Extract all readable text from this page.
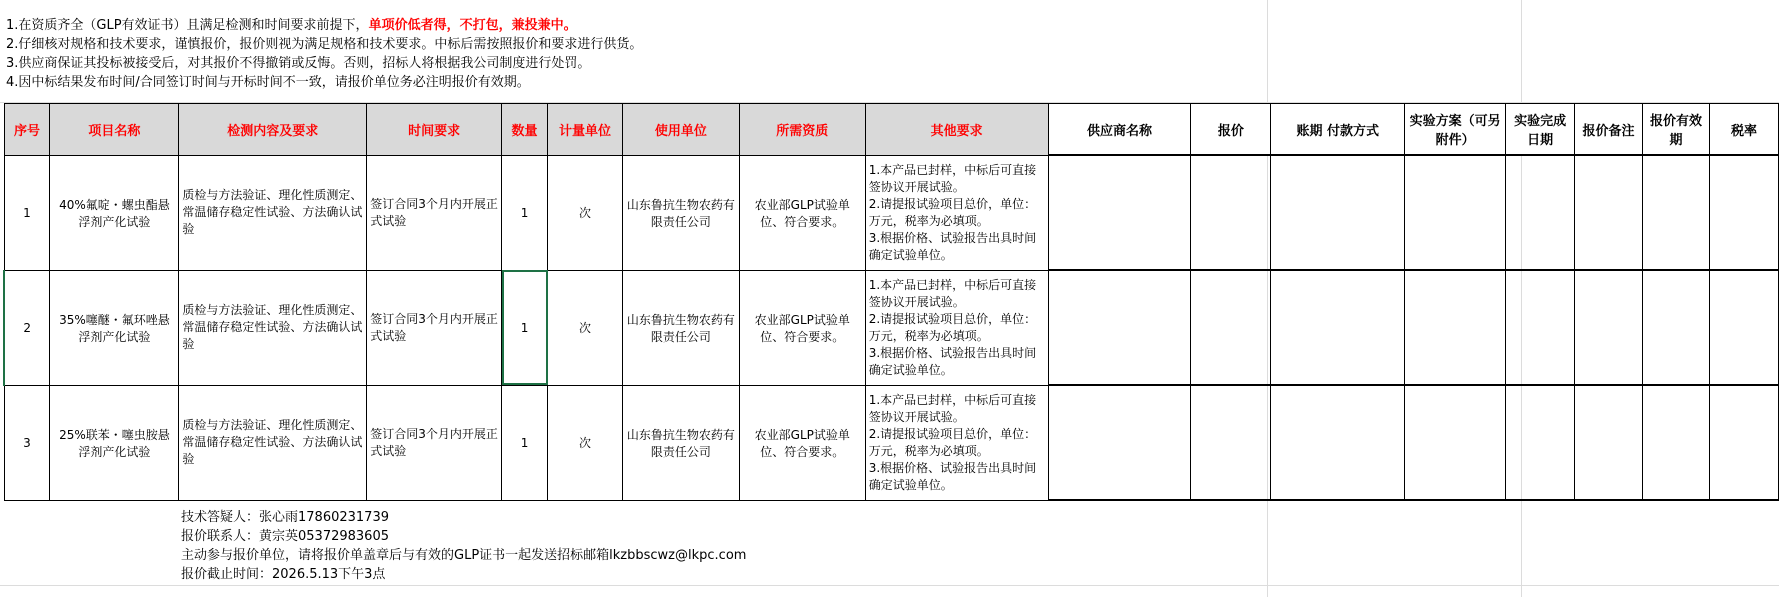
1.在资质齐全（GLP有效证书）且满足检测和时间要求前提下，单项价低者得，不打包，兼投兼中。
2.仔细核对规格和技术要求，谨慎报价，报价则视为满足规格和技术要求。中标后需按照报价和要求进行供货。
3.供应商保证其投标被接受后，对其报价不得撤销或反悔。否则，招标人将根据我公司制度进行处罚。
4.因中标结果发布时间/合同签订时间与开标时间不一致，请报价单位务必注明报价有效期。
序号	项目名称	检测内容及要求	时间要求	数量	计量单位	使用单位	所需资质	其他要求	供应商名称	报价	账期 付款方式	实验方案（可另附件）	实验完成日期	报价备注	报价有效期	税率
1	40%氟啶・螺虫酯悬浮剂产化试验	质检与方法验证、理化性质测定、常温储存稳定性试验、方法确认试验	签订合同3个月内开展正式试验	1	次	山东鲁抗生物农药有限责任公司	农业部GLP试验单位、符合要求。	1.本产品已封样，中标后可直接签协议开展试验。
2.请提报试验项目总价，单位：万元，税率为必填项。
3.根据价格、试验报告出具时间确定试验单位。								

2	35%噻醚・氟环唑悬浮剂产化试验	质检与方法验证、理化性质测定、常温储存稳定性试验、方法确认试验	签订合同3个月内开展正式试验	1	次	山东鲁抗生物农药有限责任公司	农业部GLP试验单位、符合要求。	1.本产品已封样，中标后可直接签协议开展试验。
2.请提报试验项目总价，单位：万元，税率为必填项。
3.根据价格、试验报告出具时间确定试验单位。								

3	25%联苯・噻虫胺悬浮剂产化试验	质检与方法验证、理化性质测定、常温储存稳定性试验、方法确认试验	签订合同3个月内开展正式试验	1	次	山东鲁抗生物农药有限责任公司	农业部GLP试验单位、符合要求。	1.本产品已封样，中标后可直接签协议开展试验。
2.请提报试验项目总价，单位：万元，税率为必填项。
3.根据价格、试验报告出具时间确定试验单位。								

技术答疑人：张心雨17860231739
报价联系人：黄宗英05372983605
主动参与报价单位，请将报价单盖章后与有效的GLP证书一起发送招标邮箱lkzbbscwz@lkpc.com
报价截止时间：2026.5.13下午3点
